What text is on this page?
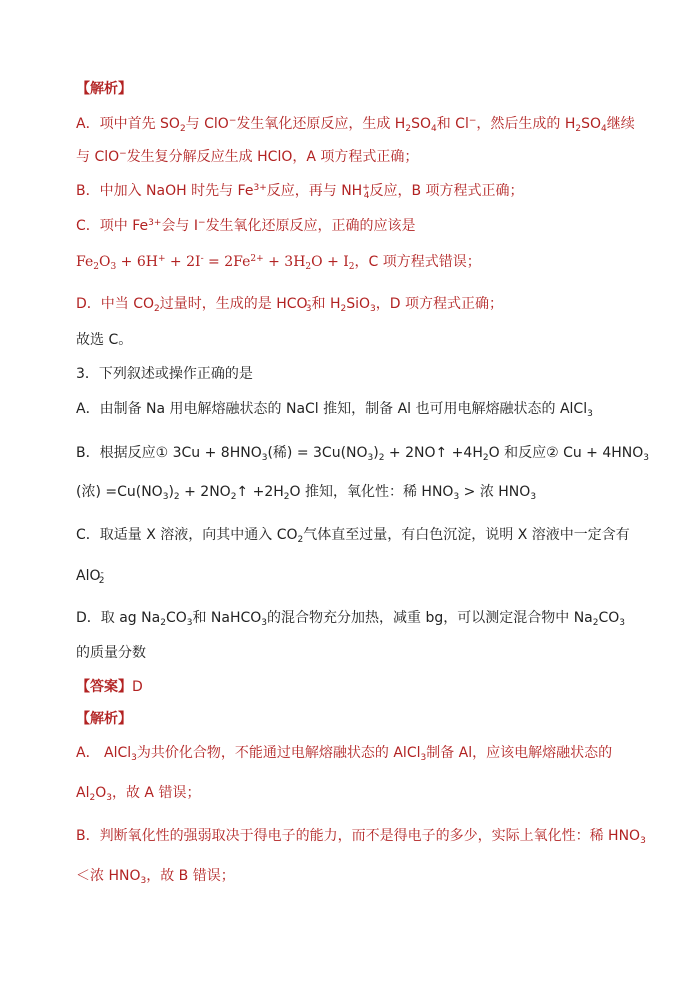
【解析】
A．项中首先 $SO_2$与 ClO−发生氧化还原反应，生成 $H_2SO_4$和 Cl−，然后生成的 $H_2SO_4$继续
与 ClO−发生复分解反应生成 HClO，A 项方程式正确；
B．中加入 NaOH 时先与 $Fe^{3+}$反应，再与 $NH^+_4$反应，B 项方程式正确；
C．项中 $Fe^{3+}$会与 I−发生氧化还原反应，正确的应该是
$Fe_2O_3 + 6H^+ + 2I^- = 2Fe^{2+} + 3H_2O + I_2$，C 项方程式错误；
D．中当 $CO_2$过量时，生成的是 $HCO^-_3$和 $H_2SiO_3$，D 项方程式正确；
故选 C。
3．下列叙述或操作正确的是
A．由制备 Na 用电解熔融状态的 NaCl 推知，制备 Al 也可用电解熔融状态的 AlCl$_3$
B．根据反应① $3Cu + 8HNO_3$(稀) = $3Cu(NO_3)_2$ + 2NO↑ $+4H_2O$ 和反应② $Cu + 4HNO_3$
(浓) $=Cu(NO_3)_2$ + $2NO_2↑ +2H_2O$ 推知，氧化性：稀 $HNO_3$ > 浓 $HNO_3$
C．取适量 X 溶液，向其中通入 $CO_2$气体直至过量，有白色沉淀，说明 X 溶液中一定含有
AlO-$_2$
D．取 ag $Na_2CO_3$和 NaHCO$_3$的混合物充分加热，减重 bg，可以测定混合物中 $Na_2CO_3$
的质量分数
【答案】D
【解析】
A． AlCl$_3$为共价化合物，不能通过电解熔融状态的 AlCl$_3$制备 Al，应该电解熔融状态的
$Al_2O_3$，故 A 错误；
B．判断氧化性的强弱取决于得电子的能力，而不是得电子的多少，实际上氧化性：稀 $HNO_3$
＜浓 $HNO_3$，故 B 错误；
